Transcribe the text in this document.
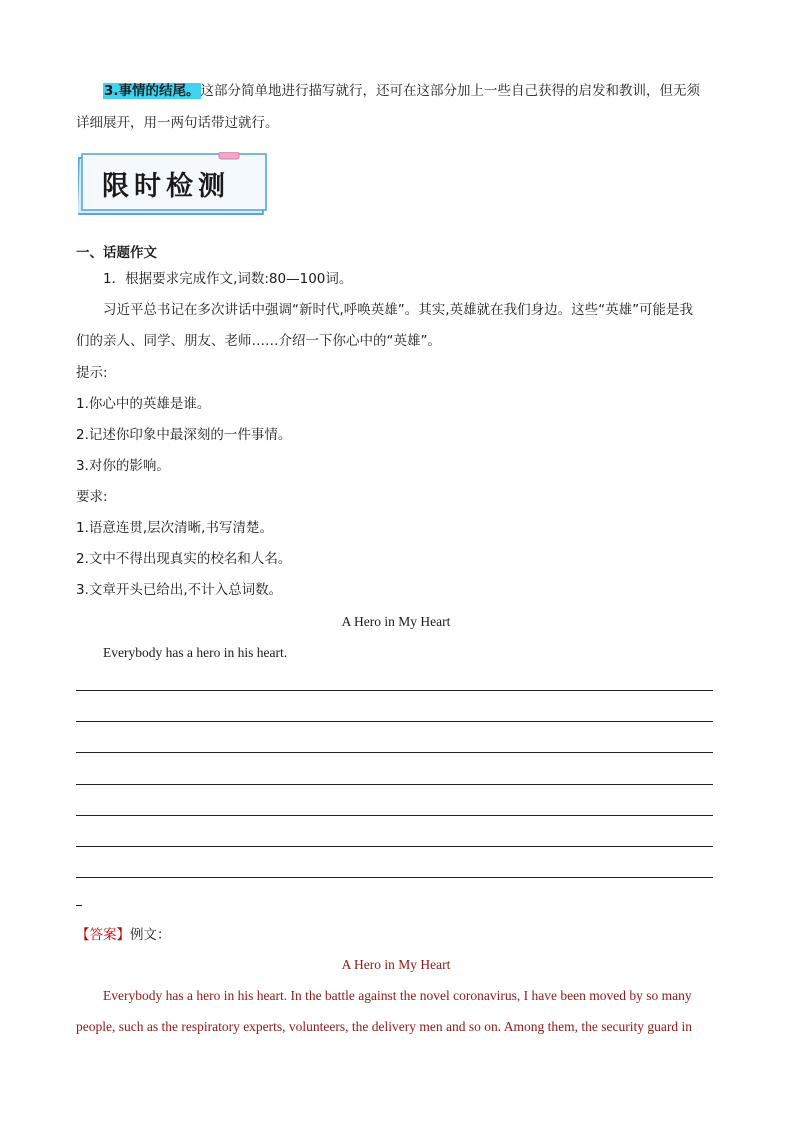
3.事情的结尾。这部分简单地进行描写就行，还可在这部分加上一些自己获得的启发和教训，但无须

详细展开，用一两句话带过就行。

限时检测

一、话题作文

1．根据要求完成作文,词数:80—100词。

习近平总书记在多次讲话中强调“新时代,呼唤英雄”。其实,英雄就在我们身边。这些“英雄”可能是我

们的亲人、同学、朋友、老师……介绍一下你心中的“英雄”。

提示:

1.你心中的英雄是谁。

2.记述你印象中最深刻的一件事情。

3.对你的影响。

要求:

1.语意连贯,层次清晰,书写清楚。

2.文中不得出现真实的校名和人名。

3.文章开头已给出,不计入总词数。

A Hero in My Heart

Everybody has a hero in his heart.

【答案】例文：

A Hero in My Heart

Everybody has a hero in his heart. In the battle against the novel coronavirus, I have been moved by so many

people, such as the respiratory experts, volunteers, the delivery men and so on. Among them, the security guard in
